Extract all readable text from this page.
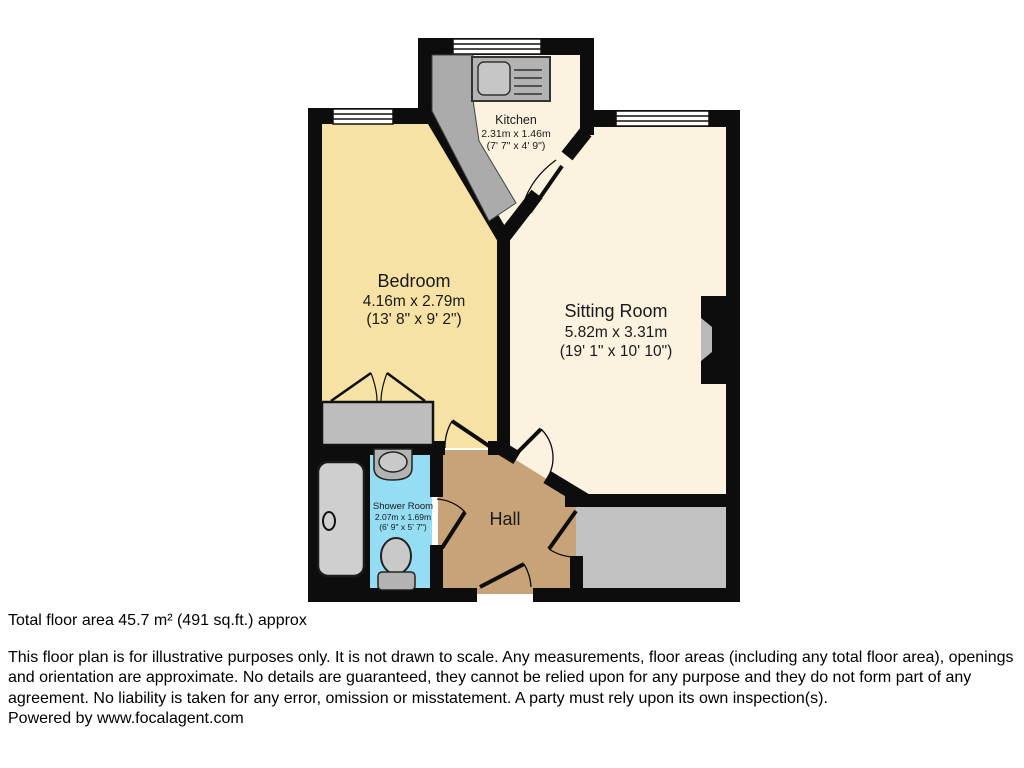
Kitchen
2.31m x 1.46m
(7' 7" x 4' 9")
Bedroom
4.16m x 2.79m
(13' 8" x 9' 2")	Sitting Room
5.82m x 3.31m
(19' 1" x 10' 10")
Shower Room
2.07m x 1.69m
(6' 9" x 5' 7")	Hall

Total floor area 45.7 m² (491 sq.ft.) approx

This floor plan is for illustrative purposes only. It is not drawn to scale. Any measurements, floor areas (including any total floor area), openings and orientation are approximate. No details are guaranteed, they cannot be relied upon for any purpose and they do not form part of any agreement. No liability is taken for any error, omission or misstatement. A party must rely upon its own inspection(s).

Powered by www.focalagent.com
